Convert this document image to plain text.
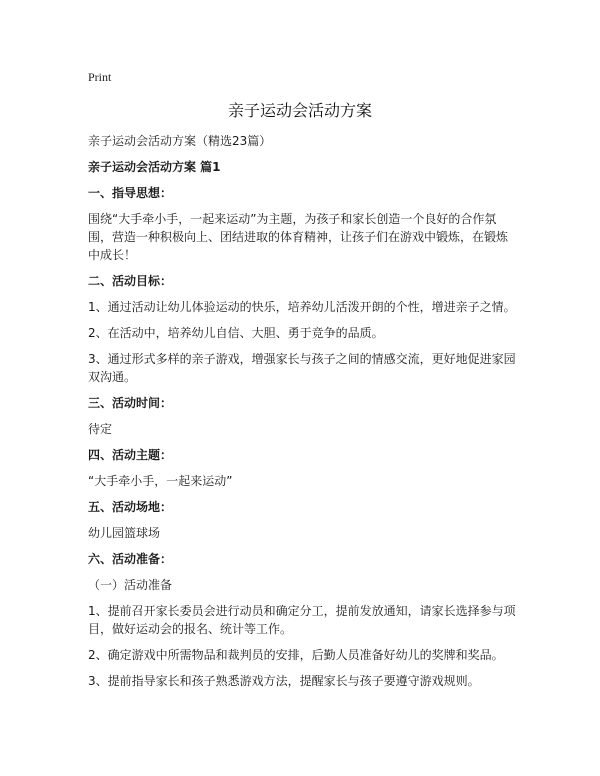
Print
亲子运动会活动方案

亲子运动会活动方案（精选23篇）

亲子运动会活动方案 篇1

一、指导思想：

围绕“大手牵小手，一起来运动”为主题，为孩子和家长创造一个良好的合作氛围，营造一种积极向上、团结进取的体育精神，让孩子们在游戏中锻炼，在锻炼中成长！

二、活动目标：

1、通过活动让幼儿体验运动的快乐，培养幼儿活泼开朗的个性，增进亲子之情。

2、在活动中，培养幼儿自信、大胆、勇于竞争的品质。

3、通过形式多样的亲子游戏，增强家长与孩子之间的情感交流，更好地促进家园双沟通。

三、活动时间：

待定

四、活动主题：

“大手牵小手，一起来运动”

五、活动场地：

幼儿园篮球场

六、活动准备：

（一）活动准备

1、提前召开家长委员会进行动员和确定分工，提前发放通知，请家长选择参与项目，做好运动会的报名、统计等工作。

2、确定游戏中所需物品和裁判员的安排，后勤人员准备好幼儿的奖牌和奖品。

3、提前指导家长和孩子熟悉游戏方法，提醒家长与孩子要遵守游戏规则。
